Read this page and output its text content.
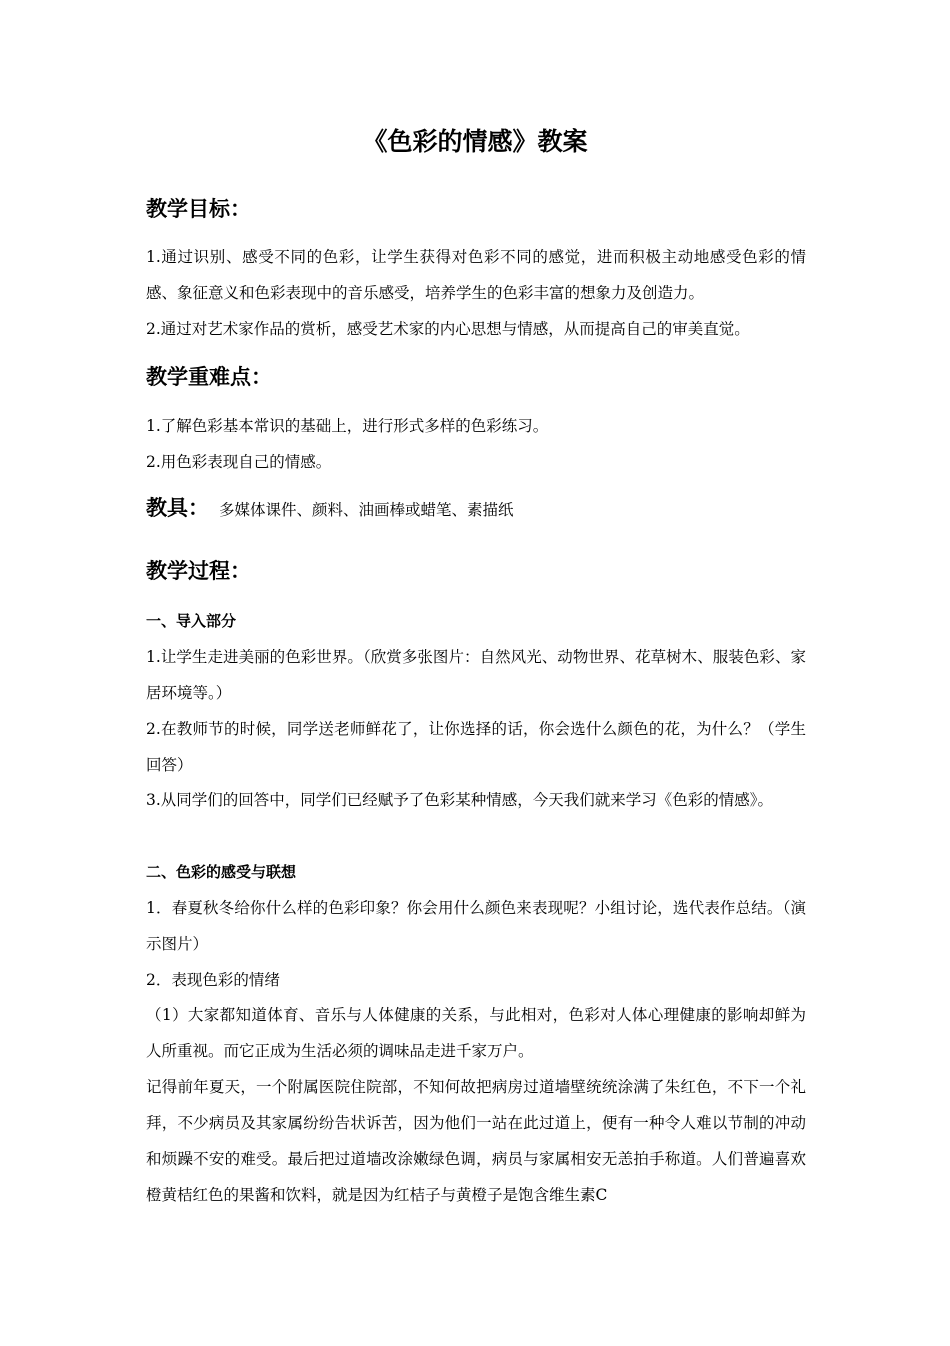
《色彩的情感》教案
教学目标：
1.通过识别、感受不同的色彩，让学生获得对色彩不同的感觉，进而积极主动地感受色彩的情感、象征意义和色彩表现中的音乐感受，培养学生的色彩丰富的想象力及创造力。
2.通过对艺术家作品的赏析，感受艺术家的内心思想与情感，从而提高自己的审美直觉。
教学重难点：
1.了解色彩基本常识的基础上，进行形式多样的色彩练习。
2.用色彩表现自己的情感。
教具： 多媒体课件、颜料、油画棒或蜡笔、素描纸
教学过程：
一、导入部分
1.让学生走进美丽的色彩世界。（欣赏多张图片：自然风光、动物世界、花草树木、服装色彩、家居环境等。）
2.在教师节的时候，同学送老师鲜花了，让你选择的话，你会选什么颜色的花，为什么？（学生回答）
3.从同学们的回答中，同学们已经赋予了色彩某种情感，今天我们就来学习《色彩的情感》。
二、色彩的感受与联想
1．春夏秋冬给你什么样的色彩印象？你会用什么颜色来表现呢？小组讨论，选代表作总结。（演示图片）
2．表现色彩的情绪
（1）大家都知道体育、音乐与人体健康的关系，与此相对，色彩对人体心理健康的影响却鲜为人所重视。而它正成为生活必须的调味品走进千家万户。
记得前年夏天，一个附属医院住院部，不知何故把病房过道墙壁统统涂满了朱红色，不下一个礼拜，不少病员及其家属纷纷告状诉苦，因为他们一站在此过道上，便有一种令人难以节制的冲动和烦躁不安的难受。最后把过道墙改涂嫩绿色调，病员与家属相安无恙拍手称道。人们普遍喜欢橙黄桔红色的果酱和饮料，就是因为红桔子与黄橙子是饱含维生素C
